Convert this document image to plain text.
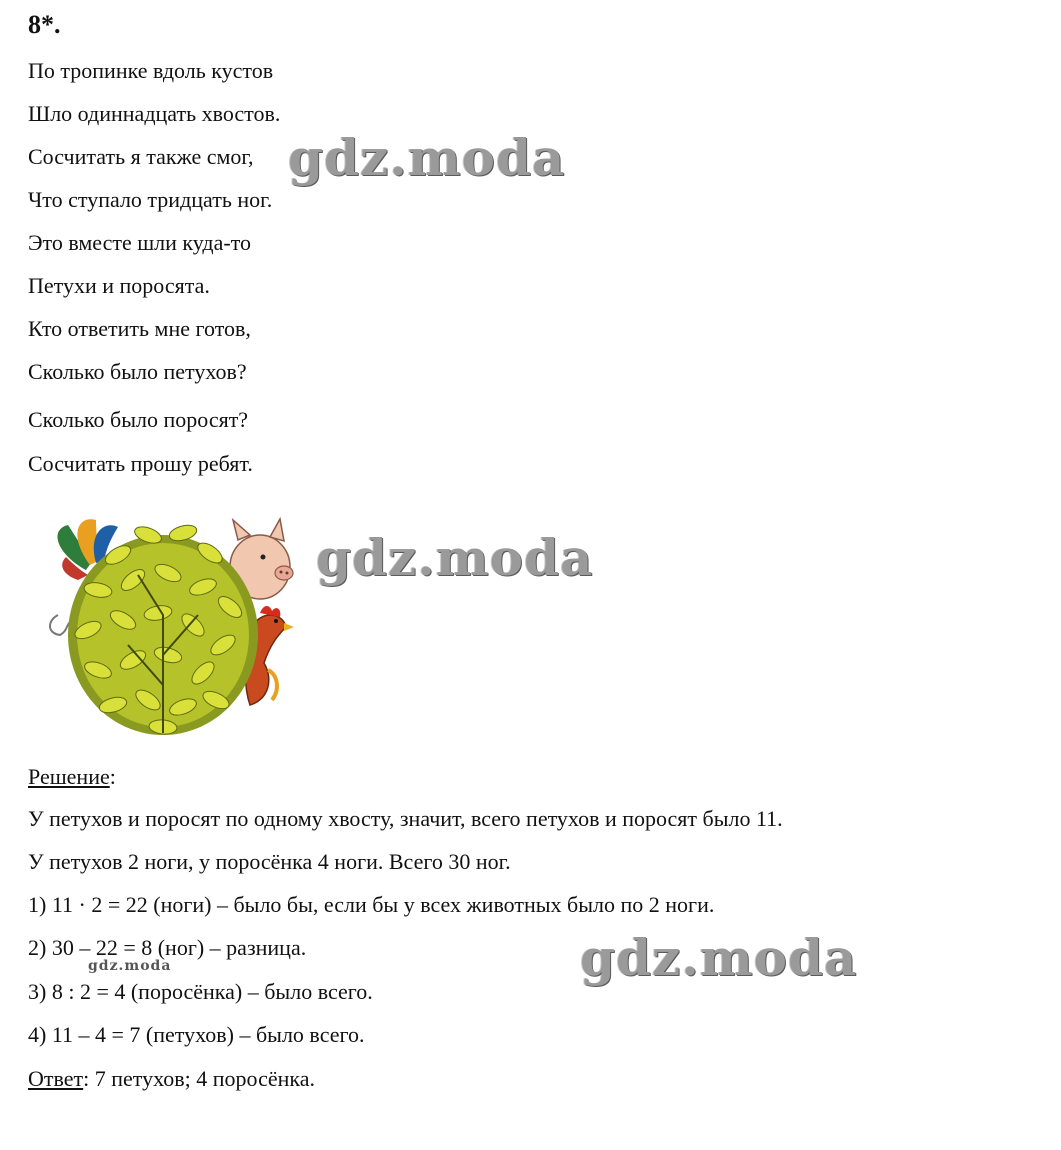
8*.
По тропинке вдоль кустов
Шло одиннадцать хвостов.
Сосчитать я также смог,
Что ступало тридцать ног.
Это вместе шли куда-то
Петухи и поросята.
Кто ответить мне готов,
Сколько было петухов?
Сколько было поросят?
Сосчитать прошу ребят.
Решение:
У петухов и поросят по одному хвосту, значит, всего петухов и поросят было 11.
У петухов 2 ноги, у поросёнка 4 ноги. Всего 30 ног.
1) 11 · 2 = 22 (ноги) – было бы, если бы у всех животных было по 2 ноги.
2) 30 – 22 = 8 (ног) – разница.
3) 8 : 2 = 4 (поросёнка) – было всего.
4) 11 – 4 = 7 (петухов) – было всего.
Ответ: 7 петухов; 4 поросёнка.
gdz.moda
gdz.moda
gdz.moda
gdz.moda
